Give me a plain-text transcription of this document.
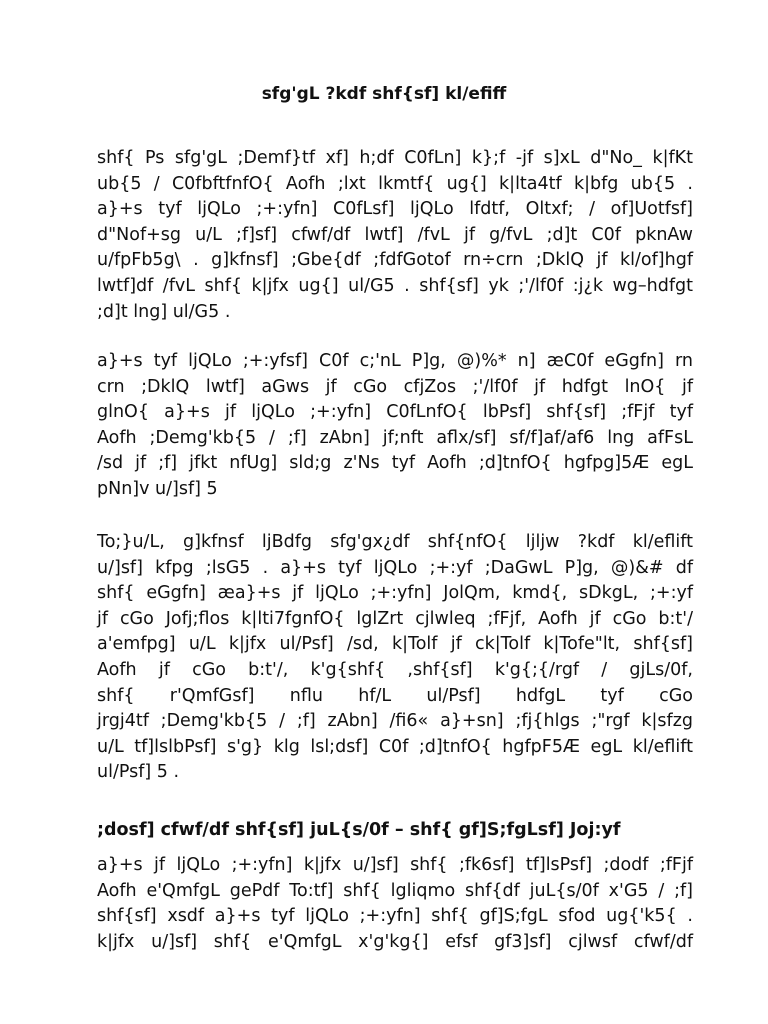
sfg'gL ?kdf shf{sf] kl/efiff

shf{ Ps sfg'gL ;Demf}tf xf] h;df C0fLn] k};f -jf s]xL d"No_ k|fKt
ub{5 / C0fbftfnfO{ Aofh ;lxt lkmtf{ ug{] k|lta4tf k|bfg ub{5 .
a}+s tyf ljQLo ;+:yfn] C0fLsf] ljQLo lfdtf, Oltxf; / of]Uotfsf]
d"Nof+sg u/L ;f]sf] cfwf/df lwtf] /fvL jf g/fvL ;d]t C0f pknAw
u/fpFb5g\ . g]kfnsf] ;Gbe{df ;fdfGotof rn÷crn ;DklQ jf kl/of]hgf
lwtf]df /fvL shf{ k|jfx ug{] ul/G5 . shf{sf] yk ;'/lf0f :j¿k wg–hdfgt
;d]t lng] ul/G5 .

a}+s tyf ljQLo ;+:yfsf] C0f c;'nL P]g, @)%* n] æC0f eGgfn] rn
crn ;DklQ lwtf] aGws jf cGo cfjZos ;'/lf0f jf hdfgt lnO{ jf
glnO{ a}+s jf ljQLo ;+:yfn] C0fLnfO{ lbPsf] shf{sf] ;fFjf tyf
Aofh ;Demg'kb{5 / ;f] zAbn] jf;nft aflx/sf] sf/f]af/af6 lng afFsL
/sd jf ;f] jfkt nfUg] sld;g z'Ns tyf Aofh ;d]tnfO{ hgfpg]5Æ egL
pNn]v u/]sf] 5

To;}u/L, g]kfnsf ljBdfg sfg'gx¿df shf{nfO{ ljljw ?kdf kl/eflift
u/]sf] kfpg ;lsG5 . a}+s tyf ljQLo ;+:yf ;DaGwL P]g, @)&# df
shf{ eGgfn] æa}+s jf ljQLo ;+:yfn] JolQm, kmd{, sDkgL, ;+:yf
jf cGo Jofj;flos k|lti7fgnfO{ lglZrt cjlwleq ;fFjf, Aofh jf cGo b:t'/
a'emfpg] u/L k|jfx ul/Psf] /sd, k|Tolf jf ck|Tolf k|Tofe"lt, shf{sf]
Aofh jf cGo b:t'/, k'g{shf{ ,shf{sf] k'g{;{/rgf / gjLs/0f,
shf{ r'QmfGsf] nflu hf/L ul/Psf] hdfgL tyf cGo
jrgj4tf ;Demg'kb{5 / ;f] zAbn] /fi6« a}+sn] ;fj{hlgs ;"rgf k|sfzg
u/L tf]lslbPsf] s'g} klg lsl;dsf] C0f ;d]tnfO{ hgfpF5Æ egL kl/eflift
ul/Psf] 5 .

;dosf] cfwf/df shf{sf] juL{s/0f – shf{ gf]S;fgLsf] Joj:yf

a}+s jf ljQLo ;+:yfn] k|jfx u/]sf] shf{ ;fk6sf] tf]lsPsf] ;dodf ;fFjf
Aofh e'QmfgL gePdf To:tf] shf{ lgliqmo shf{df juL{s/0f x'G5 / ;f]
shf{sf] xsdf a}+s tyf ljQLo ;+:yfn] shf{ gf]S;fgL sfod ug{'k5{ .
k|jfx u/]sf] shf{ e'QmfgL x'g'kg{] efsf gf3]sf] cjlwsf cfwf/df
